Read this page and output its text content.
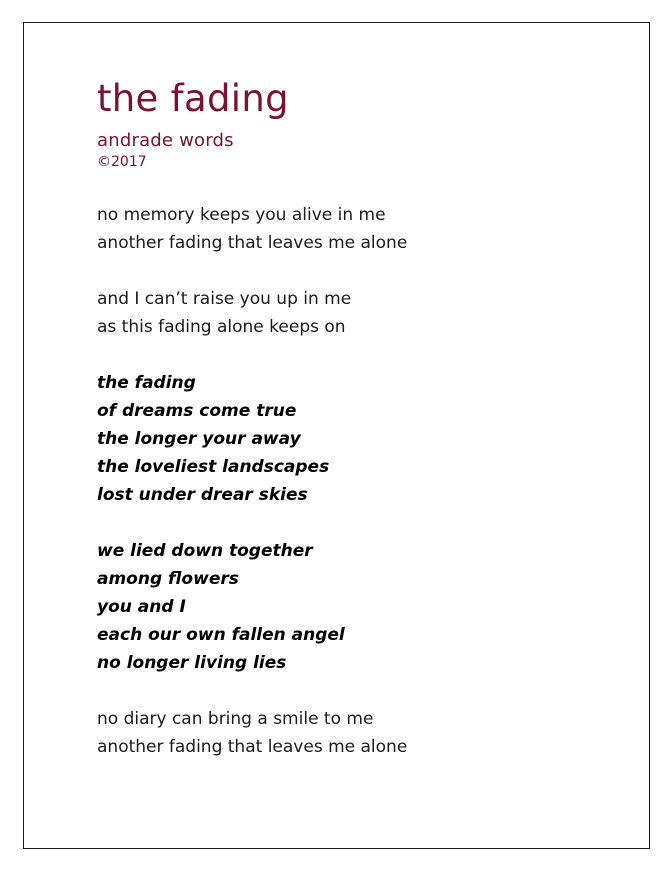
the fading
andrade words
©2017
no memory keeps you alive in me
another fading that leaves me alone
and I can’t raise you up in me
as this fading alone keeps on
the fading
of dreams come true
the longer your away
the loveliest landscapes
lost under drear skies
we lied down together
among flowers
you and I
each our own fallen angel
no longer living lies
no diary can bring a smile to me
another fading that leaves me alone
